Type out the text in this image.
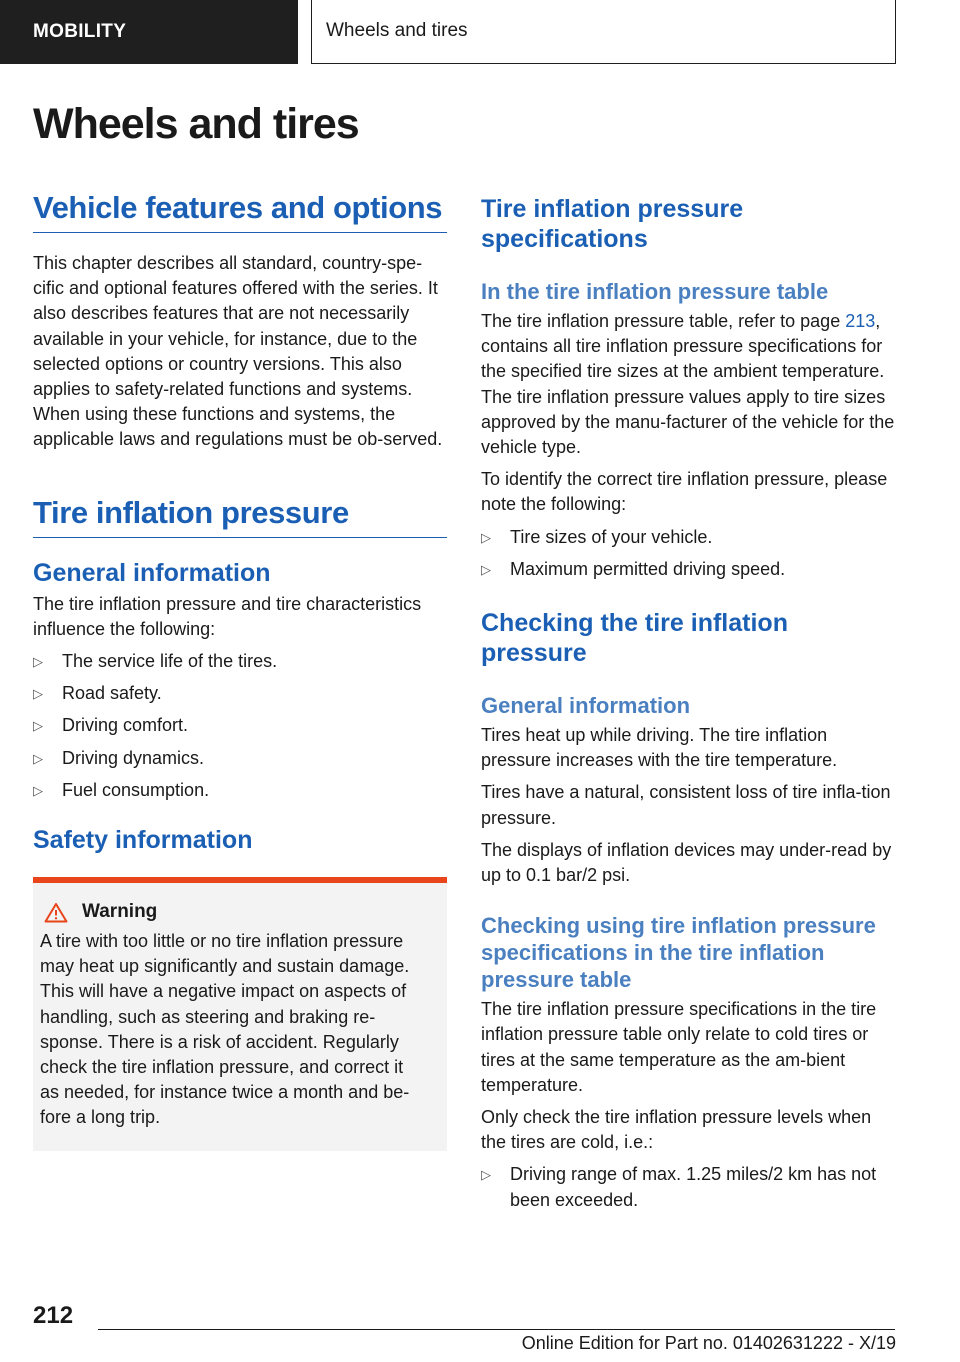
MOBILITY	Wheels and tires
Wheels and tires
Vehicle features and options

This chapter describes all standard, country-spe-cific and optional features offered with the series. It also describes features that are not necessarily available in your vehicle, for instance, due to the selected options or country versions. This also applies to safety-related functions and systems. When using these functions and systems, the applicable laws and regulations must be ob-served.

Tire inflation pressure
General information

The tire inflation pressure and tire characteristics influence the following:

▷ The service life of the tires.
▷ Road safety.
▷ Driving comfort.
▷ Driving dynamics.
▷ Fuel consumption.
Safety information
Warning

A tire with too little or no tire inflation pressure may heat up significantly and sustain damage. This will have a negative impact on aspects of handling, such as steering and braking re-sponse. There is a risk of accident. Regularly check the tire inflation pressure, and correct it as needed, for instance twice a month and be-fore a long trip.

Tire inflation pressure specifications
In the tire inflation pressure table

The tire inflation pressure table, refer to page 213, contains all tire inflation pressure specifications for the specified tire sizes at the ambient temperature. The tire inflation pressure values apply to tire sizes approved by the manu-facturer of the vehicle for the vehicle type.

To identify the correct tire inflation pressure, please note the following:

▷ Tire sizes of your vehicle.
▷ Maximum permitted driving speed.
Checking the tire inflation pressure
General information

Tires heat up while driving. The tire inflation pressure increases with the tire temperature.

Tires have a natural, consistent loss of tire infla-tion pressure.

The displays of inflation devices may under-read by up to 0.1 bar/2 psi.

Checking using tire inflation pressure specifications in the tire inflation pressure table

The tire inflation pressure specifications in the tire inflation pressure table only relate to cold tires or tires at the same temperature as the am-bient temperature.

Only check the tire inflation pressure levels when the tires are cold, i.e.:

▷ Driving range of max. 1.25 miles/2 km has not been exceeded.
212
Online Edition for Part no. 01402631222 - X/19
